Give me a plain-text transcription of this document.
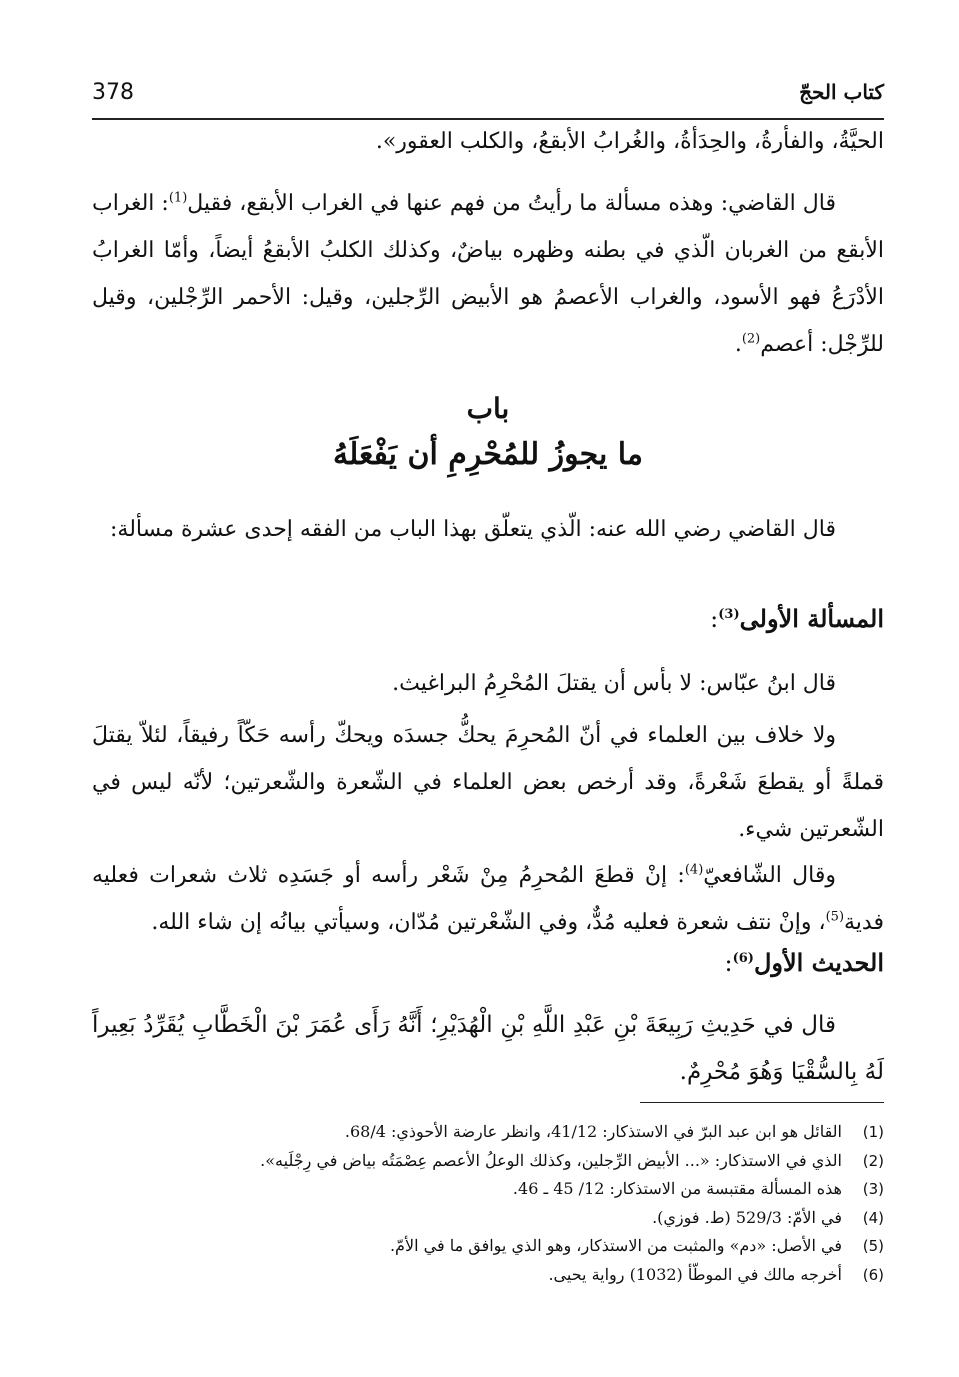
378	كتاب الحجّ

الحيَّةُ، والفأرةُ، والحِدَأةُ، والغُرابُ الأبقعُ، والكلب العقور».

قال القاضي: وهذه مسألة ما رأيتُ من فهم عنها في الغراب الأبقع، فقيل$^{(1)}$: الغراب الأبقع من الغربان الّذي في بطنه وظهره بياضٌ، وكذلك الكلبُ الأبقعُ أيضاً، وأمّا الغرابُ الأدْرَعُ فهو الأسود، والغراب الأعصمُ هو الأبيض الرِّجلين، وقيل: الأحمر الرِّجْلين، وقيل للرِّجْل: أعصم$^{(2)}$.

باب
ما يجوزُ للمُحْرِمِ أن يَفْعَلَهُ

قال القاضي رضي الله عنه: الّذي يتعلّق بهذا الباب من الفقه إحدى عشرة مسألة:

المسألة الأولى$^{(3)}$:

قال ابنُ عبّاس: لا بأس أن يقتلَ المُحْرِمُ البراغيث.

ولا خلاف بين العلماء في أنّ المُحرِمَ يحكُّ جسدَه ويحكّ رأسه حَكّاً رفيقاً، لئلاّ يقتلَ قملةً أو يقطعَ شَعْرةً، وقد أرخص بعض العلماء في الشّعرة والشّعرتين؛ لأنّه ليس في الشّعرتين شيء.

وقال الشّافعيّ$^{(4)}$: إنْ قطعَ المُحرِمُ مِنْ شَعْر رأسه أو جَسَدِه ثلاث شعرات فعليه فدية$^{(5)}$، وإنْ نتف شعرة فعليه مُدٌّ، وفي الشّعْرتين مُدّان، وسيأتي بيانُه إن شاء الله.

الحديث الأول$^{(6)}$:

قال في حَدِيثِ رَبِيعَةَ بْنِ عَبْدِ اللَّهِ بْنِ الْهُدَيْرِ؛ أَنَّهُ رَأَى عُمَرَ بْنَ الْخَطَّابِ يُقَرِّدُ بَعِيراً لَهُ بِالسُّقْيَا وَهُوَ مُحْرِمٌ.

(1)
القائل هو ابن عبد البرّ في الاستذكار: 41/12، وانظر عارضة الأحوذي: 68/4.
(2)
الذي في الاستذكار: «... الأبيض الرِّجلين، وكذلك الوعلُ الأعصم عِصْمَتُه بياض في رِجْلَيه».
(3)
هذه المسألة مقتبسة من الاستذكار: 12/ 45 ـ 46.
(4)
في الأمّ: 529/3 (ط. فوزي).
(5)
في الأصل: «دم» والمثبت من الاستذكار، وهو الذي يوافق ما في الأمّ.
(6)
أخرجه مالك في الموطّأ (1032) رواية يحيى.
